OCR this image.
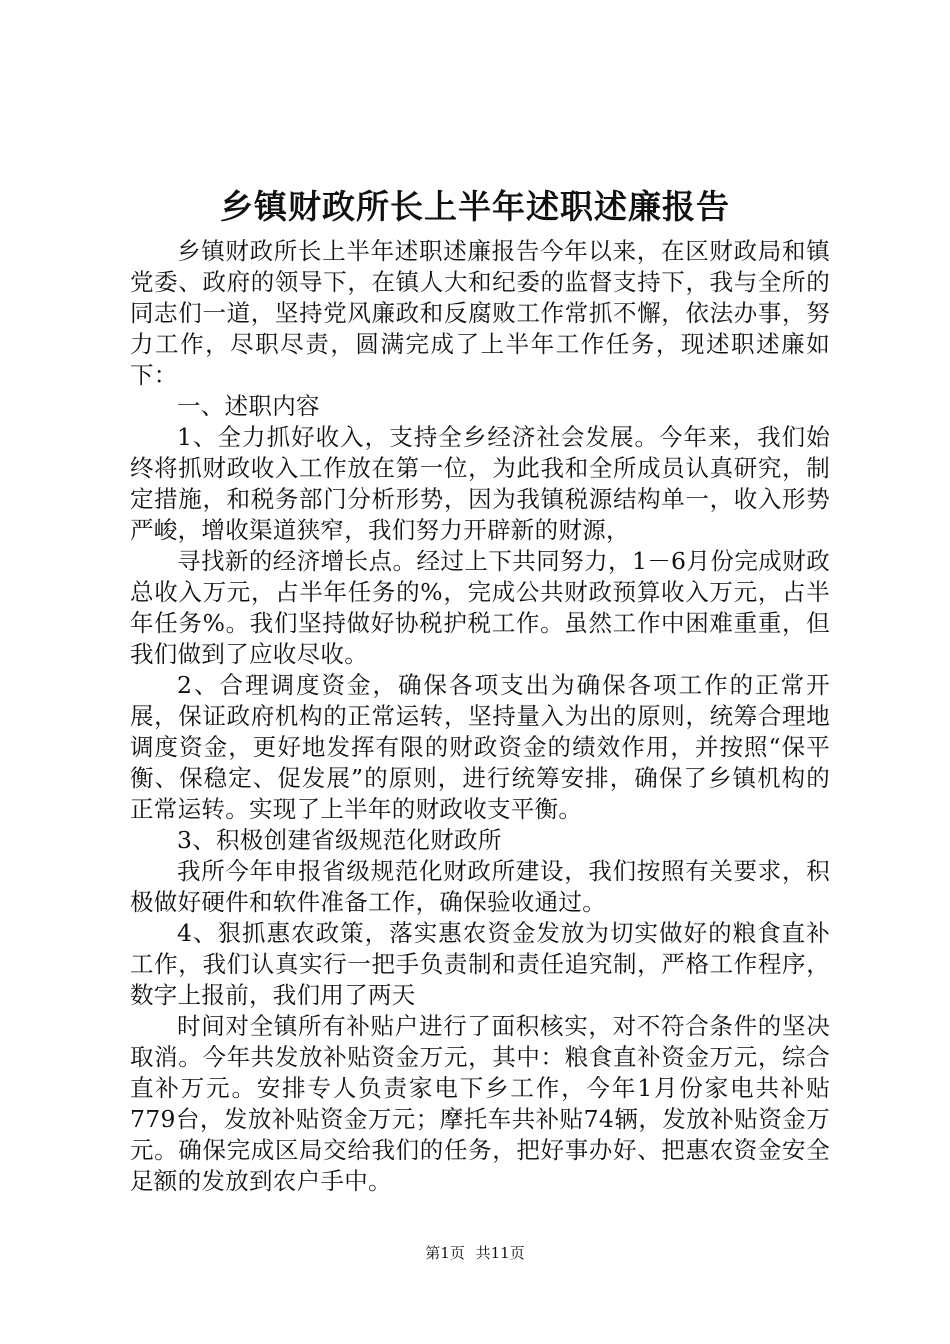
乡镇财政所长上半年述职述廉报告

乡镇财政所长上半年述职述廉报告今年以来，在区财政局和镇党委、政府的领导下，在镇人大和纪委的监督支持下，我与全所的同志们一道，坚持党风廉政和反腐败工作常抓不懈，依法办事，努力工作，尽职尽责，圆满完成了上半年工作任务，现述职述廉如下：

一、述职内容

1、全力抓好收入，支持全乡经济社会发展。今年来，我们始终将抓财政收入工作放在第一位，为此我和全所成员认真研究，制定措施，和税务部门分析形势，因为我镇税源结构单一，收入形势严峻，增收渠道狭窄，我们努力开辟新的财源，

寻找新的经济增长点。经过上下共同努力，1－6月份完成财政总收入万元，占半年任务的%，完成公共财政预算收入万元，占半年任务%。我们坚持做好协税护税工作。虽然工作中困难重重，但我们做到了应收尽收。

2、合理调度资金，确保各项支出为确保各项工作的正常开展，保证政府机构的正常运转，坚持量入为出的原则，统筹合理地调度资金，更好地发挥有限的财政资金的绩效作用，并按照“保平衡、保稳定、促发展”的原则，进行统筹安排，确保了乡镇机构的正常运转。实现了上半年的财政收支平衡。

3、积极创建省级规范化财政所

我所今年申报省级规范化财政所建设，我们按照有关要求，积极做好硬件和软件准备工作，确保验收通过。

4、狠抓惠农政策，落实惠农资金发放为切实做好的粮食直补工作，我们认真实行一把手负责制和责任追究制，严格工作程序，数字上报前，我们用了两天

时间对全镇所有补贴户进行了面积核实，对不符合条件的坚决取消。今年共发放补贴资金万元，其中：粮食直补资金万元，综合直补万元。安排专人负责家电下乡工作，今年1月份家电共补贴779台，发放补贴资金万元；摩托车共补贴74辆，发放补贴资金万元。确保完成区局交给我们的任务，把好事办好、把惠农资金安全足额的发放到农户手中。

第1页 共11页
